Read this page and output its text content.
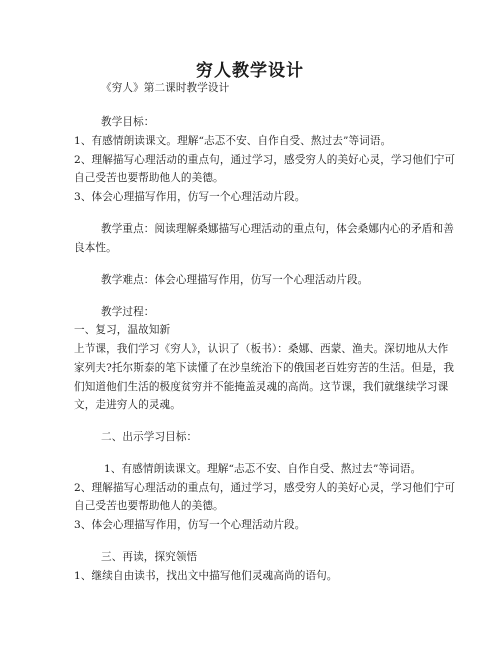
穷人教学设计
《穷人》第二课时教学设计
教学目标：
1、有感情朗读课文。理解“忐忑不安、自作自受、熬过去”等词语。
2、理解描写心理活动的重点句，通过学习，感受穷人的美好心灵，学习他们宁可
自己受苦也要帮助他人的美德。
3、体会心理描写作用，仿写一个心理活动片段。
教学重点：阅读理解桑娜描写心理活动的重点句，体会桑娜内心的矛盾和善
良本性。
教学难点：体会心理描写作用，仿写一个心理活动片段。
教学过程：
一、复习，温故知新
上节课，我们学习《穷人》，认识了（板书）：桑娜、西蒙、渔夫。深切地从大作
家列夫?托尔斯泰的笔下读懂了在沙皇统治下的俄国老百姓穷苦的生活。但是，我
们知道他们生活的极度贫穷并不能掩盖灵魂的高尚。这节课，我们就继续学习课
文，走进穷人的灵魂。
二、出示学习目标：
1、有感情朗读课文。理解“忐忑不安、自作自受、熬过去”等词语。
2、理解描写心理活动的重点句，通过学习，感受穷人的美好心灵，学习他们宁可
自己受苦也要帮助他人的美德。
3、体会心理描写作用，仿写一个心理活动片段。
三、再读，探究领悟
1、继续自由读书，找出文中描写他们灵魂高尚的语句。
